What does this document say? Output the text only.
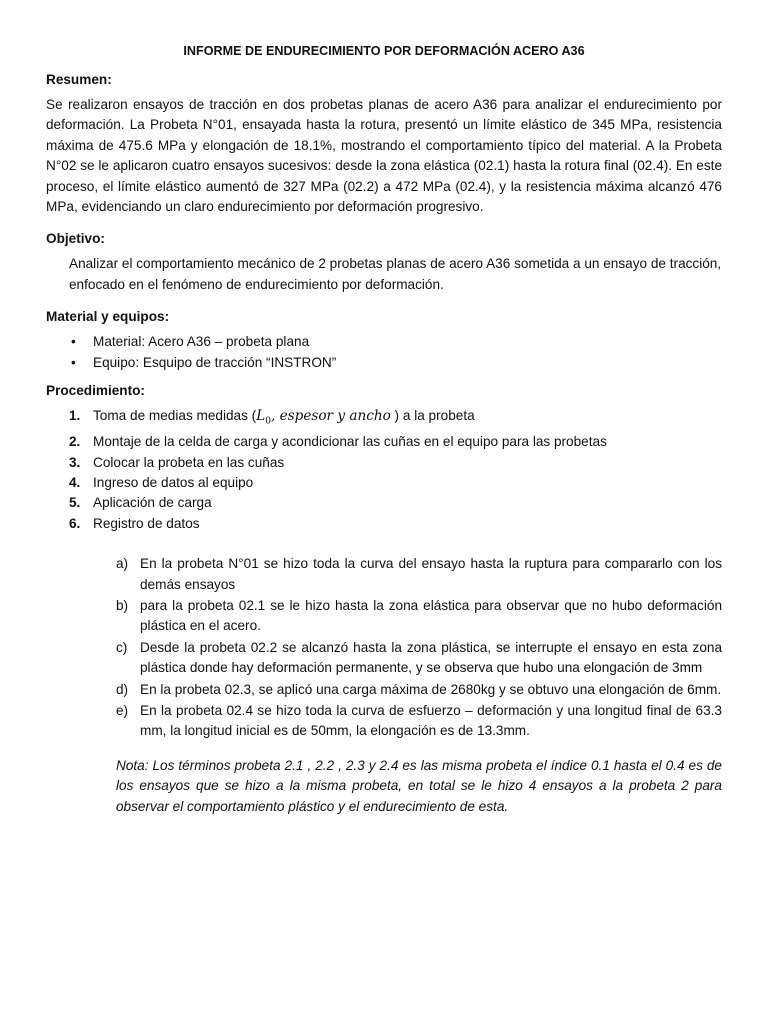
INFORME DE ENDURECIMIENTO POR DEFORMACIÓN ACERO A36
Resumen:

Se realizaron ensayos de tracción en dos probetas planas de acero A36 para analizar el endurecimiento por deformación. La Probeta N°01, ensayada hasta la rotura, presentó un límite elástico de 345 MPa, resistencia máxima de 475.6 MPa y elongación de 18.1%, mostrando el comportamiento típico del material. A la Probeta N°02 se le aplicaron cuatro ensayos sucesivos: desde la zona elástica (02.1) hasta la rotura final (02.4). En este proceso, el límite elástico aumentó de 327 MPa (02.2) a 472 MPa (02.4), y la resistencia máxima alcanzó 476 MPa, evidenciando un claro endurecimiento por deformación progresivo.

Objetivo:

Analizar el comportamiento mecánico de 2 probetas planas de acero A36 sometida a un ensayo de tracción, enfocado en el fenómeno de endurecimiento por deformación.

Material y equipos:
• Material: Acero A36 – probeta plana
• Equipo: Esquipo de tracción “INSTRON”
Procedimiento:
1. Toma de medias medidas ($L_0$, espesor y ancho ) a la probeta
2. Montaje de la celda de carga y acondicionar las cuñas en el equipo para las probetas
3. Colocar la probeta en las cuñas
4. Ingreso de datos al equipo
5. Aplicación de carga
6. Registro de datos
a) En la probeta N°01 se hizo toda la curva del ensayo hasta la ruptura para compararlo con los demás ensayos
b) para la probeta 02.1 se le hizo hasta la zona elástica para observar que no hubo deformación plástica en el acero.
c) Desde la probeta 02.2 se alcanzó hasta la zona plástica, se interrupte el ensayo en esta zona plástica donde hay deformación permanente, y se observa que hubo una elongación de 3mm
d) En la probeta 02.3, se aplicó una carga máxima de 2680kg y se obtuvo una elongación de 6mm.
e) En la probeta 02.4 se hizo toda la curva de esfuerzo – deformación y una longitud final de 63.3 mm, la longitud inicial es de 50mm, la elongación es de 13.3mm.

Nota: Los términos probeta 2.1 , 2.2 , 2.3 y 2.4 es las misma probeta el índice 0.1 hasta el 0.4 es de los ensayos que se hizo a la misma probeta, en total se le hizo 4 ensayos a la probeta 2 para observar el comportamiento plástico y el endurecimiento de esta.
